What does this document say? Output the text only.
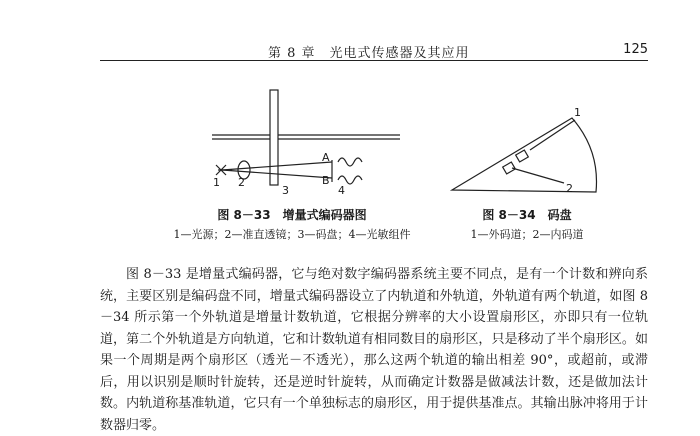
第 8 章　光电式传感器及其应用	125
1 2
3	4
A
B
1
2
图 8－33　增量式编码器图
1—光源；2—准直透镜；3—码盘；4—光敏组件
图 8－34　码盘
1—外码道；2—内码道

图 8－33 是增量式编码器，它与绝对数字编码器系统主要不同点，是有一个计数和辨向系统，主要区别是编码盘不同，增量式编码器设立了内轨道和外轨道，外轨道有两个轨道，如图 8－34 所示第一个外轨道是增量计数轨道，它根据分辨率的大小设置扇形区，亦即只有一位轨道，第二个外轨道是方向轨道，它和计数轨道有相同数目的扇形区，只是移动了半个扇形区。如果一个周期是两个扇形区（透光－不透光），那么这两个轨道的输出相差 90°，或超前，或滞后，用以识别是顺时针旋转，还是逆时针旋转，从而确定计数器是做减法计数，还是做加法计数。内轨道称基准轨道，它只有一个单独标志的扇形区，用于提供基准点。其输出脉冲将用于计数器归零。
